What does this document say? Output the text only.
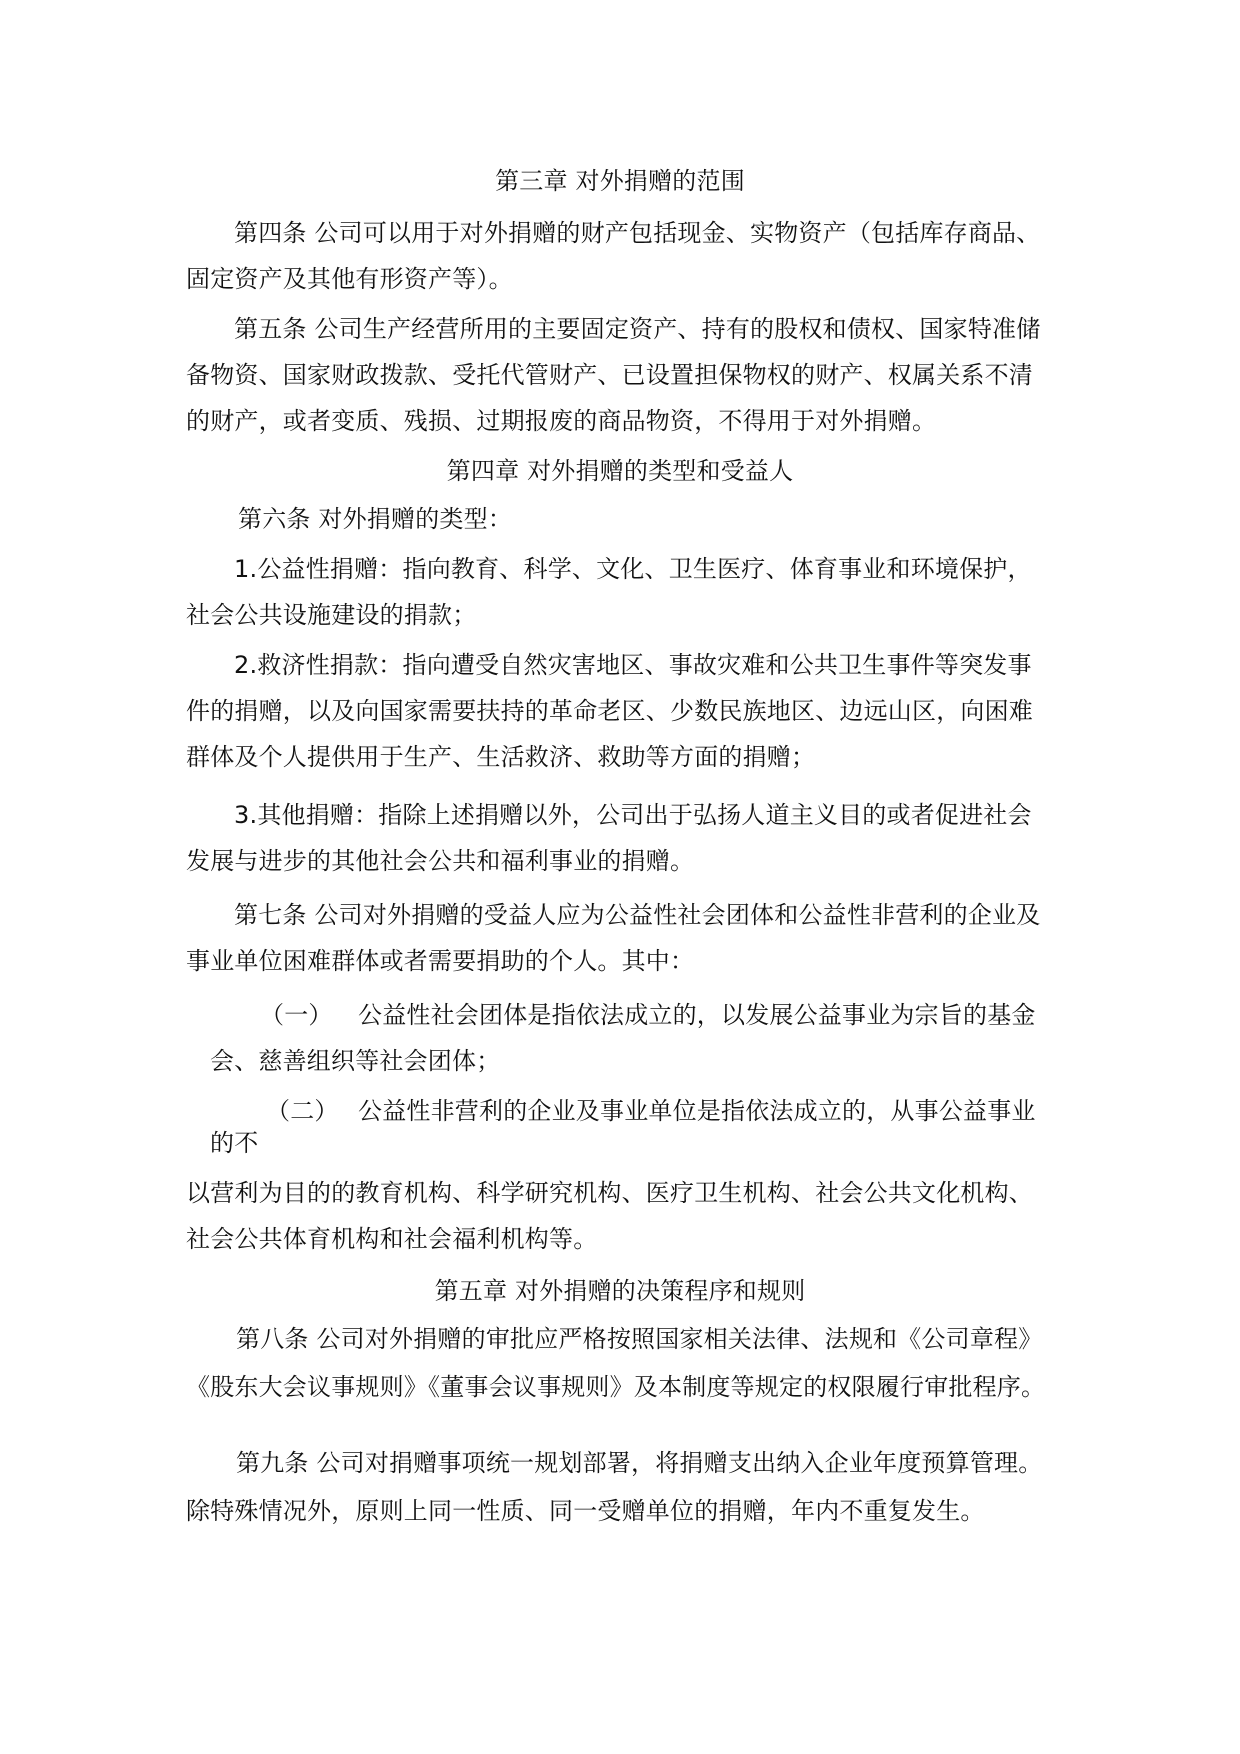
第三章 对外捐赠的范围
第四条 公司可以用于对外捐赠的财产包括现金、实物资产（包括库存商品、
固定资产及其他有形资产等）。
第五条 公司生产经营所用的主要固定资产、持有的股权和债权、国家特准储
备物资、国家财政拨款、受托代管财产、已设置担保物权的财产、权属关系不清
的财产，或者变质、残损、过期报废的商品物资，不得用于对外捐赠。
第四章 对外捐赠的类型和受益人
第六条 对外捐赠的类型：
1.公益性捐赠：指向教育、科学、文化、卫生医疗、体育事业和环境保护，
社会公共设施建设的捐款；
2.救济性捐款：指向遭受自然灾害地区、事故灾难和公共卫生事件等突发事
件的捐赠，以及向国家需要扶持的革命老区、少数民族地区、边远山区，向困难
群体及个人提供用于生产、生活救济、救助等方面的捐赠；
3.其他捐赠：指除上述捐赠以外，公司出于弘扬人道主义目的或者促进社会
发展与进步的其他社会公共和福利事业的捐赠。
第七条 公司对外捐赠的受益人应为公益性社会团体和公益性非营利的企业及
事业单位困难群体或者需要捐助的个人。其中：
（一） 公益性社会团体是指依法成立的，以发展公益事业为宗旨的基金
会、慈善组织等社会团体；
（二） 公益性非营利的企业及事业单位是指依法成立的，从事公益事业
的不
以营利为目的的教育机构、科学研究机构、医疗卫生机构、社会公共文化机构、
社会公共体育机构和社会福利机构等。
第五章 对外捐赠的决策程序和规则
第八条 公司对外捐赠的审批应严格按照国家相关法律、法规和《公司章程》
《股东大会议事规则》《董事会议事规则》及本制度等规定的权限履行审批程序。
第九条 公司对捐赠事项统一规划部署，将捐赠支出纳入企业年度预算管理。
除特殊情况外，原则上同一性质、同一受赠单位的捐赠，年内不重复发生。
